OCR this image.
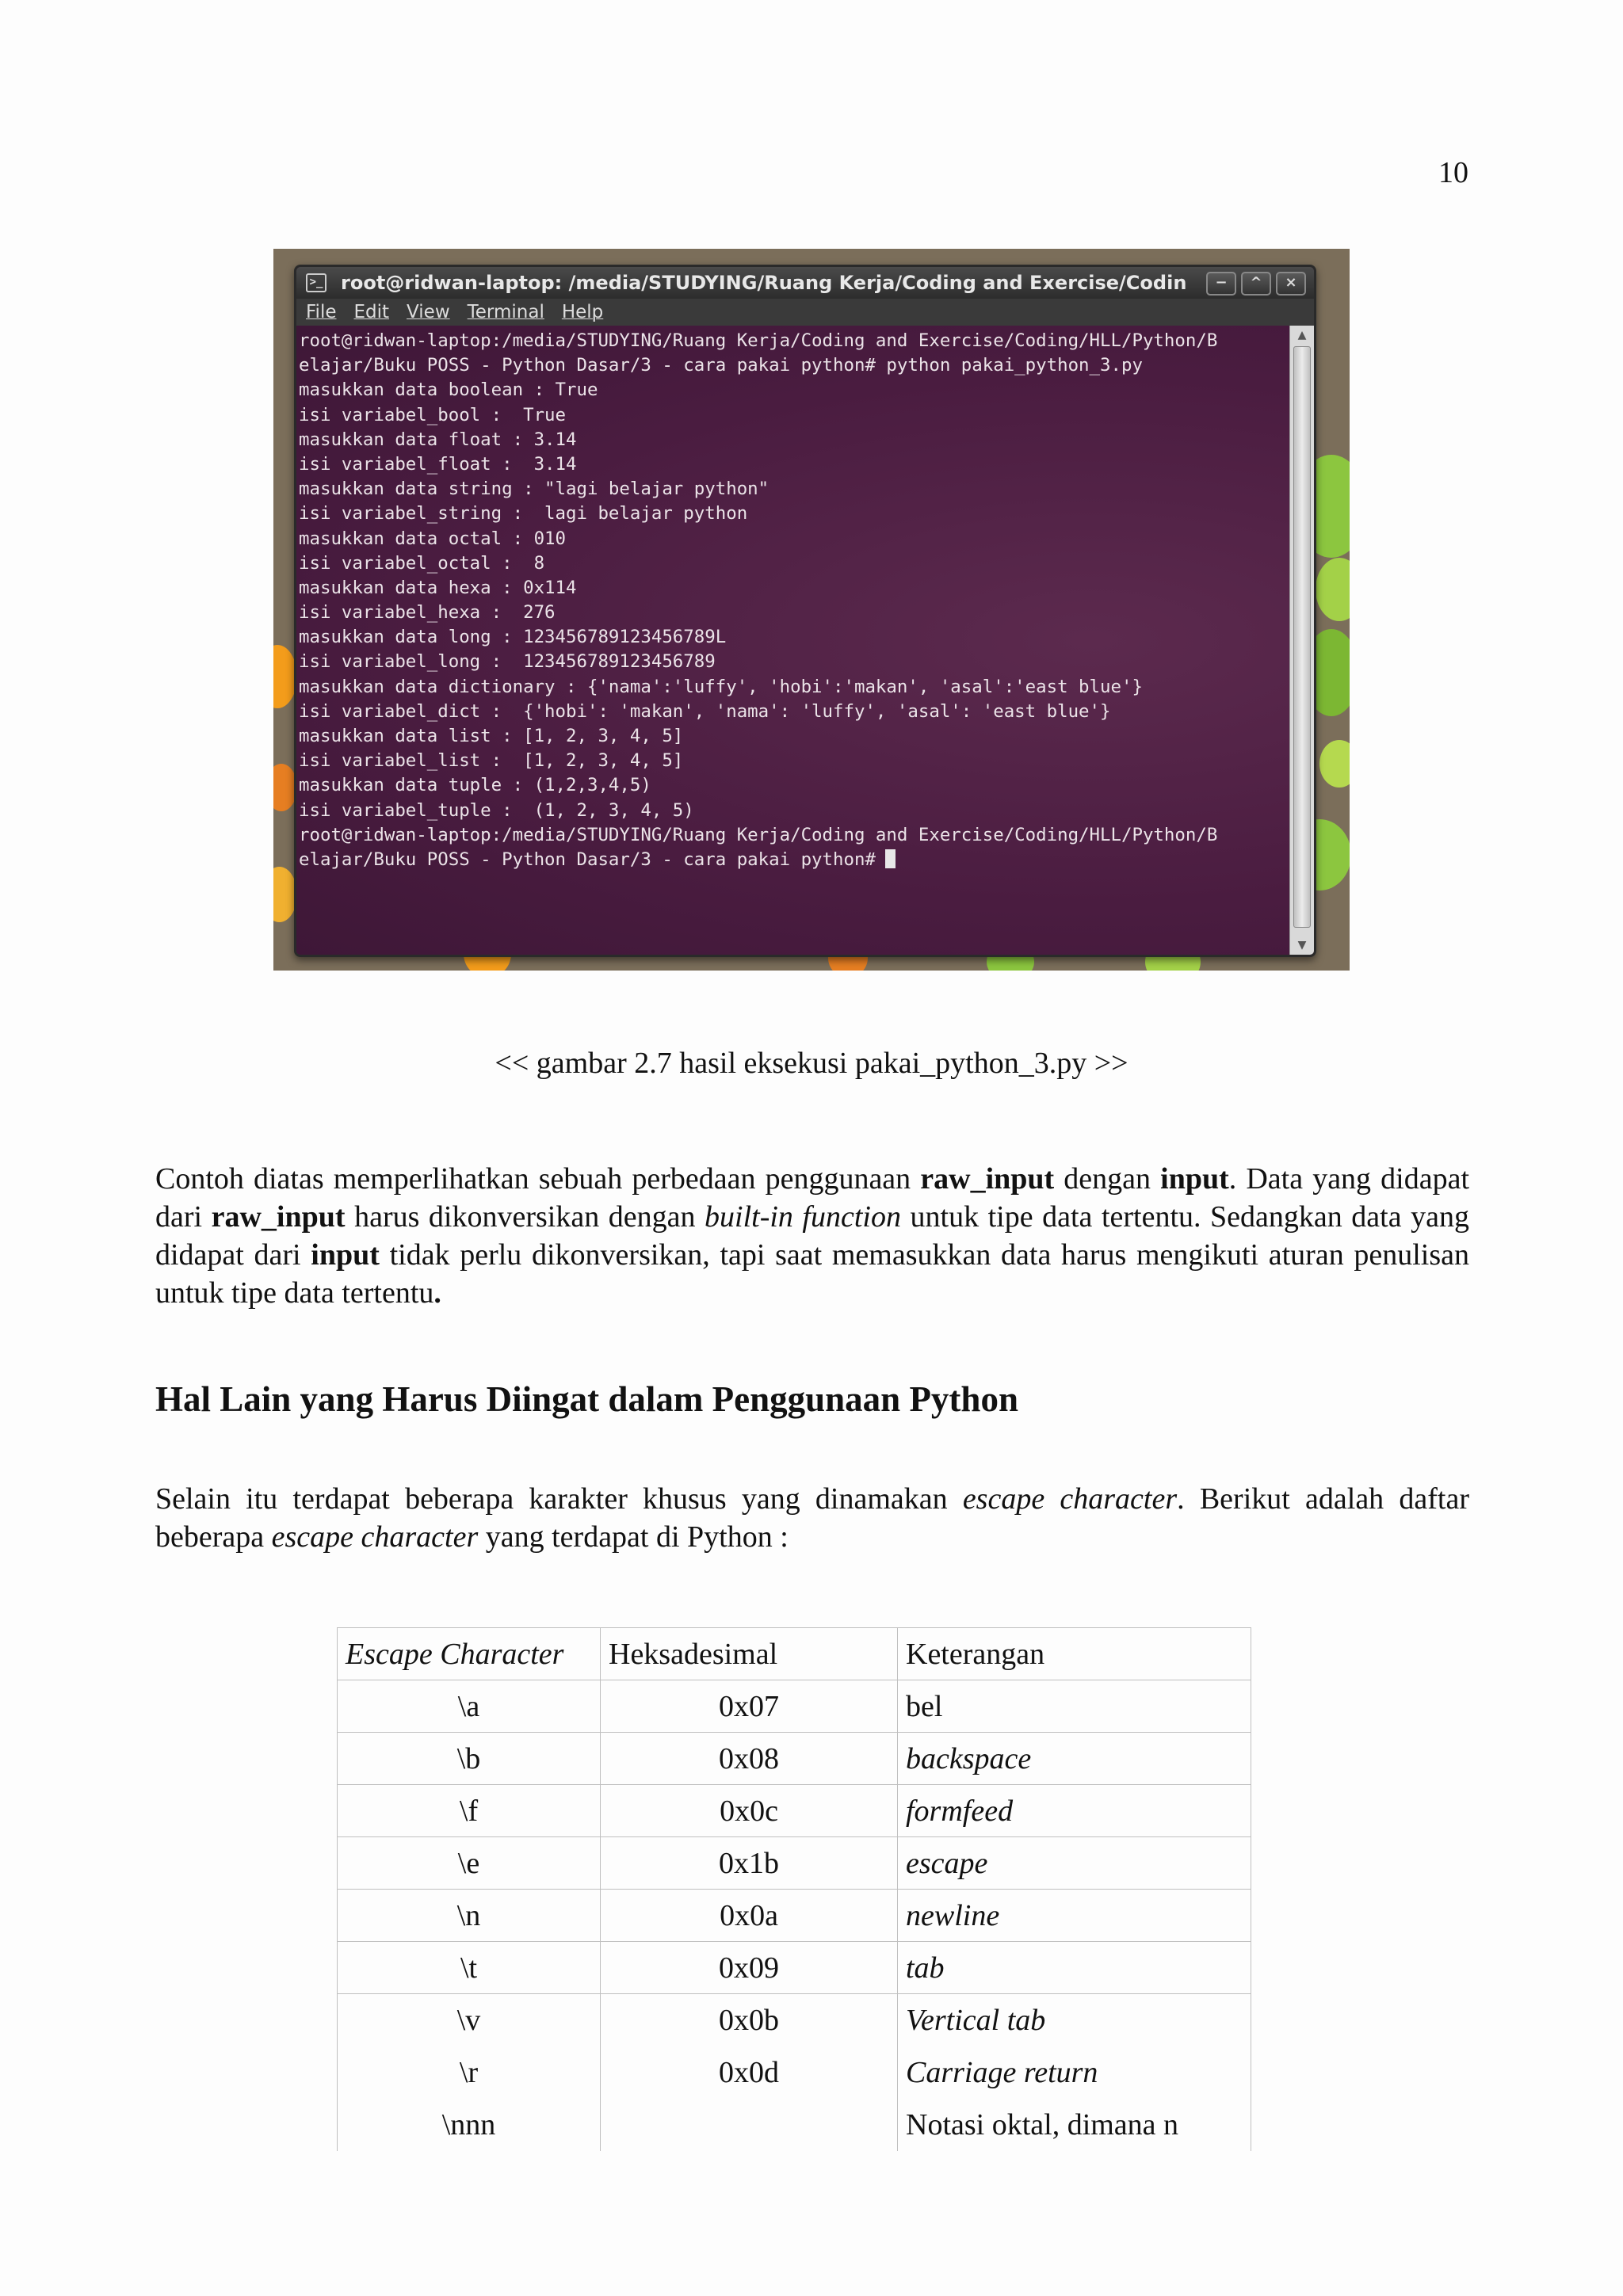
10
>_ root@ridwan-laptop: /media/STUDYING/Ruang Kerja/Coding and Exercise/Codin	−	^	×
File Edit View Terminal Help
root@ridwan-laptop:/media/STUDYING/Ruang Kerja/Coding and Exercise/Coding/HLL/Python/B
elajar/Buku POSS - Python Dasar/3 - cara pakai python# python pakai_python_3.py
masukkan data boolean : True
isi variabel_bool :  True
masukkan data float : 3.14
isi variabel_float :  3.14
masukkan data string : "lagi belajar python"
isi variabel_string :  lagi belajar python
masukkan data octal : 010
isi variabel_octal :  8
masukkan data hexa : 0x114
isi variabel_hexa :  276
masukkan data long : 123456789123456789L
isi variabel_long :  123456789123456789
masukkan data dictionary : {'nama':'luffy', 'hobi':'makan', 'asal':'east blue'}
isi variabel_dict :  {'hobi': 'makan', 'nama': 'luffy', 'asal': 'east blue'}
masukkan data list : [1, 2, 3, 4, 5]
isi variabel_list :  [1, 2, 3, 4, 5]
masukkan data tuple : (1,2,3,4,5)
isi variabel_tuple :  (1, 2, 3, 4, 5)
root@ridwan-laptop:/media/STUDYING/Ruang Kerja/Coding and Exercise/Coding/HLL/Python/B
elajar/Buku POSS - Python Dasar/3 - cara pakai python#
▲
▼
<< gambar 2.7 hasil eksekusi pakai_python_3.py >>

Contoh diatas memperlihatkan sebuah perbedaan penggunaan raw_input dengan input. Data yang didapat dari raw_input harus dikonversikan dengan built-in function untuk tipe data tertentu. Sedangkan data yang didapat dari input tidak perlu dikonversikan, tapi saat memasukkan data harus mengikuti aturan penulisan untuk tipe data tertentu.

Hal Lain yang Harus Diingat dalam Penggunaan Python

Selain itu terdapat beberapa karakter khusus yang dinamakan escape character. Berikut adalah daftar beberapa escape character yang terdapat di Python :

Escape Character	Heksadesimal	Keterangan
\a	0x07	bel
\b	0x08	backspace
\f	0x0c	formfeed
\e	0x1b	escape
\n	0x0a	newline
\t	0x09	tab
\v	0x0b	Vertical tab
\r	0x0d	Carriage return
\nnn		Notasi oktal, dimana n
